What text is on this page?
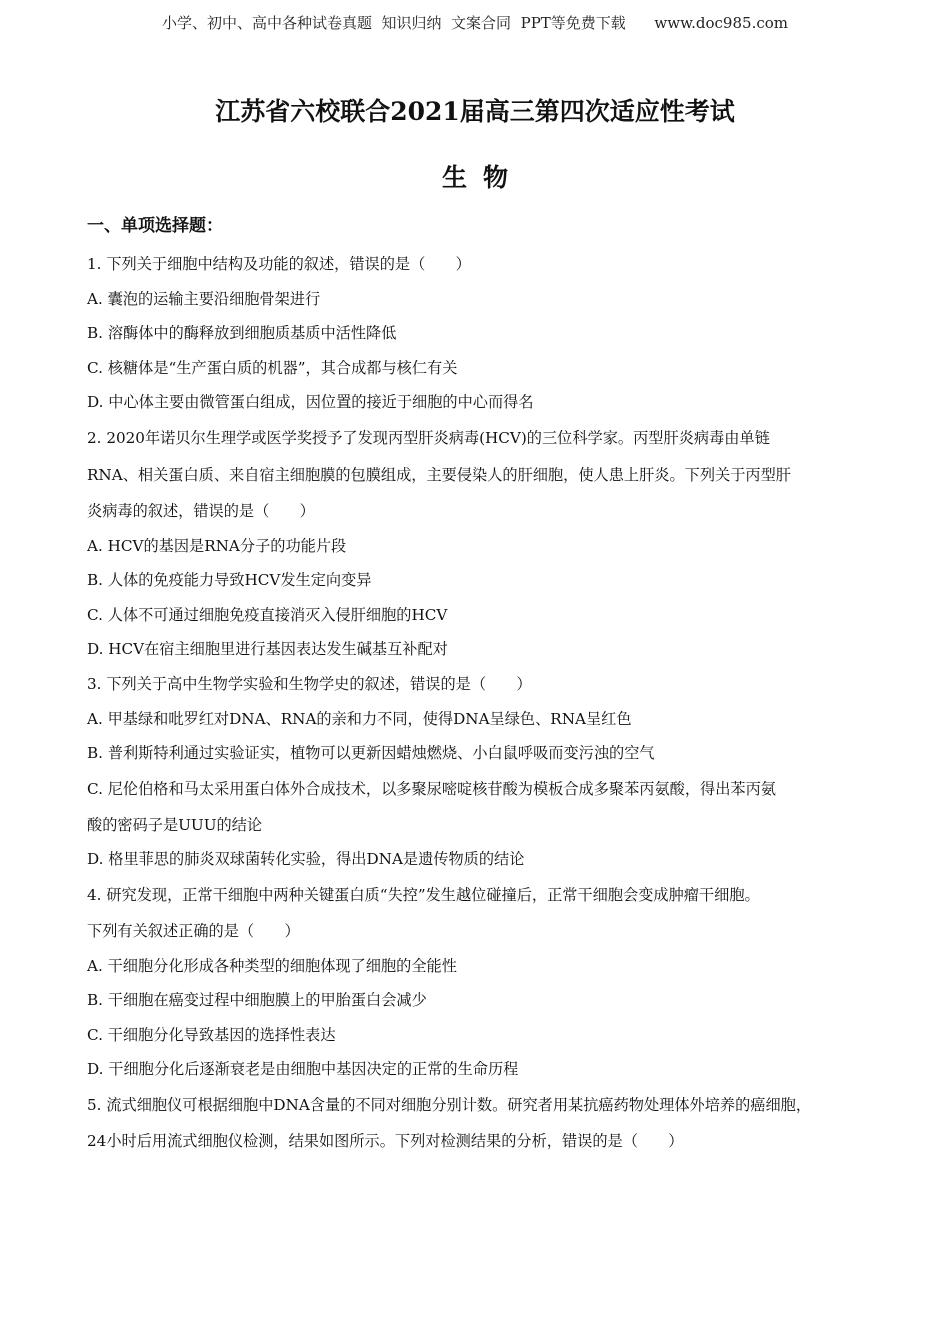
小学、初中、高中各种试卷真题  知识归纳  文案合同  PPT等免费下载      www.doc985.com
江苏省六校联合2021届高三第四次适应性考试
生物
一、单项选择题：
1. 下列关于细胞中结构及功能的叙述，错误的是（　　）
A. 囊泡的运输主要沿细胞骨架进行
B. 溶酶体中的酶释放到细胞质基质中活性降低
C. 核糖体是“生产蛋白质的机器”，其合成都与核仁有关
D. 中心体主要由微管蛋白组成，因位置的接近于细胞的中心而得名
2. 2020年诺贝尔生理学或医学奖授予了发现丙型肝炎病毒(HCV)的三位科学家。丙型肝炎病毒由单链
RNA、相关蛋白质、来自宿主细胞膜的包膜组成，主要侵染人的肝细胞，使人患上肝炎。下列关于丙型肝
炎病毒的叙述，错误的是（　　）
A. HCV的基因是RNA分子的功能片段
B. 人体的免疫能力导致HCV发生定向变异
C. 人体不可通过细胞免疫直接消灭入侵肝细胞的HCV
D. HCV在宿主细胞里进行基因表达发生碱基互补配对
3. 下列关于高中生物学实验和生物学史的叙述，错误的是（　　）
A. 甲基绿和吡罗红对DNA、RNA的亲和力不同，使得DNA呈绿色、RNA呈红色
B. 普利斯特利通过实验证实，植物可以更新因蜡烛燃烧、小白鼠呼吸而变污浊的空气
C. 尼伦伯格和马太采用蛋白体外合成技术，以多聚尿嘧啶核苷酸为模板合成多聚苯丙氨酸，得出苯丙氨
酸的密码子是UUU的结论
D. 格里菲思的肺炎双球菌转化实验，得出DNA是遗传物质的结论
4. 研究发现，正常干细胞中两种关键蛋白质“失控”发生越位碰撞后，正常干细胞会变成肿瘤干细胞。
下列有关叙述正确的是（　　）
A. 干细胞分化形成各种类型的细胞体现了细胞的全能性
B. 干细胞在癌变过程中细胞膜上的甲胎蛋白会减少
C. 干细胞分化导致基因的选择性表达
D. 干细胞分化后逐渐衰老是由细胞中基因决定的正常的生命历程
5. 流式细胞仪可根据细胞中DNA含量的不同对细胞分别计数。研究者用某抗癌药物处理体外培养的癌细胞，
24小时后用流式细胞仪检测，结果如图所示。下列对检测结果的分析，错误的是（　　）
